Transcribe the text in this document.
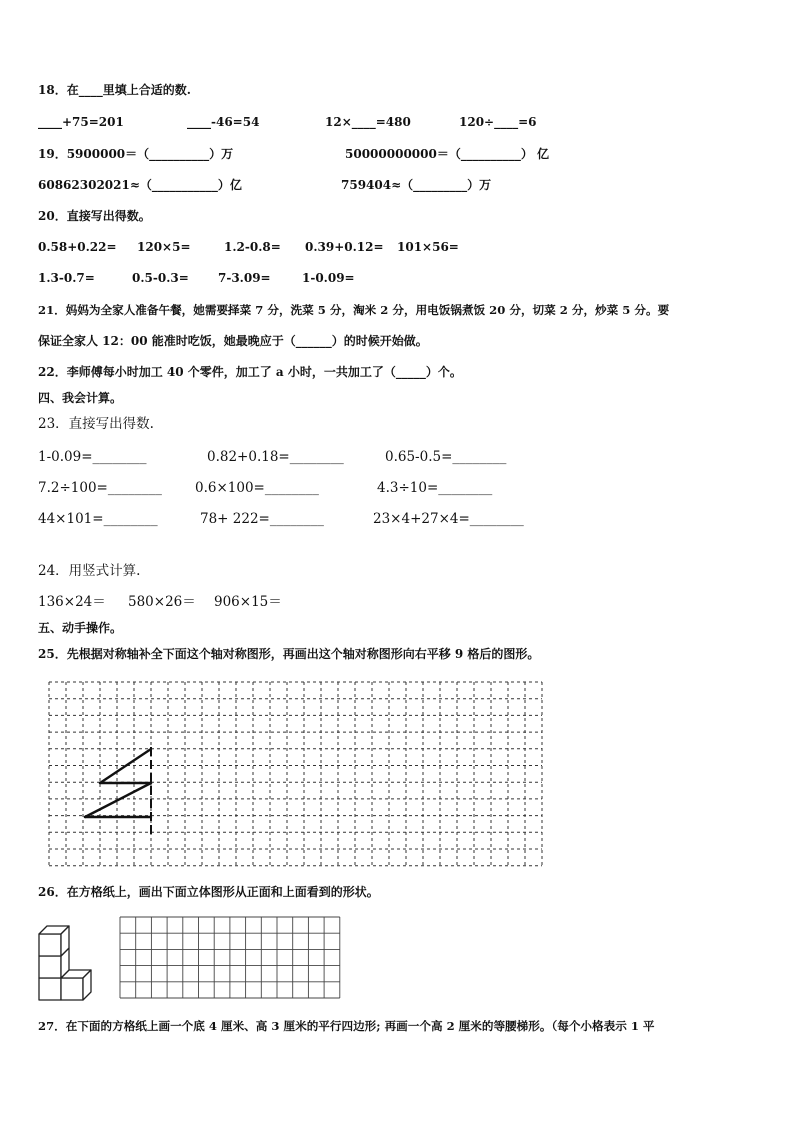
18．在____里填上合适的数.
____+75=201	____-46=54	12×____=480	120÷____=6
19．5900000＝（__________）万	50000000000＝（__________） 亿
60862302021≈（___________）亿	759404≈（_________）万
20．直接写出得数。
0.58+0.22= 120×5=	1.2-0.8= 0.39+0.12= 101×56=
1.3-0.7=	0.5-0.3= 7-3.09=	1-0.09=
21．妈妈为全家人准备午餐，她需要择菜 7 分，洗菜 5 分，淘米 2 分，用电饭锅煮饭 20 分，切菜 2 分，炒菜 5 分。要
保证全家人 12：00 能准时吃饭，她最晚应于（______）的时候开始做。
22．李师傅每小时加工 40 个零件，加工了 a 小时，一共加工了（_____）个。
四、我会计算。
23．直接写出得数.
1-0.09=________	0.82+0.18=________	0.65-0.5=________
7.2÷100=________ 0.6×100=________	4.3÷10=________
44×101=________	78+ 222=________	23×4+27×4=________
24．用竖式计算.
136×24＝ 580×26＝ 906×15＝
五、动手操作。
25．先根据对称轴补全下面这个轴对称图形，再画出这个轴对称图形向右平移 9 格后的图形。
26．在方格纸上，画出下面立体图形从正面和上面看到的形状。
27．在下面的方格纸上画一个底 4 厘米、高 3 厘米的平行四边形; 再画一个高 2 厘米的等腰梯形。（每个小格表示 1 平
